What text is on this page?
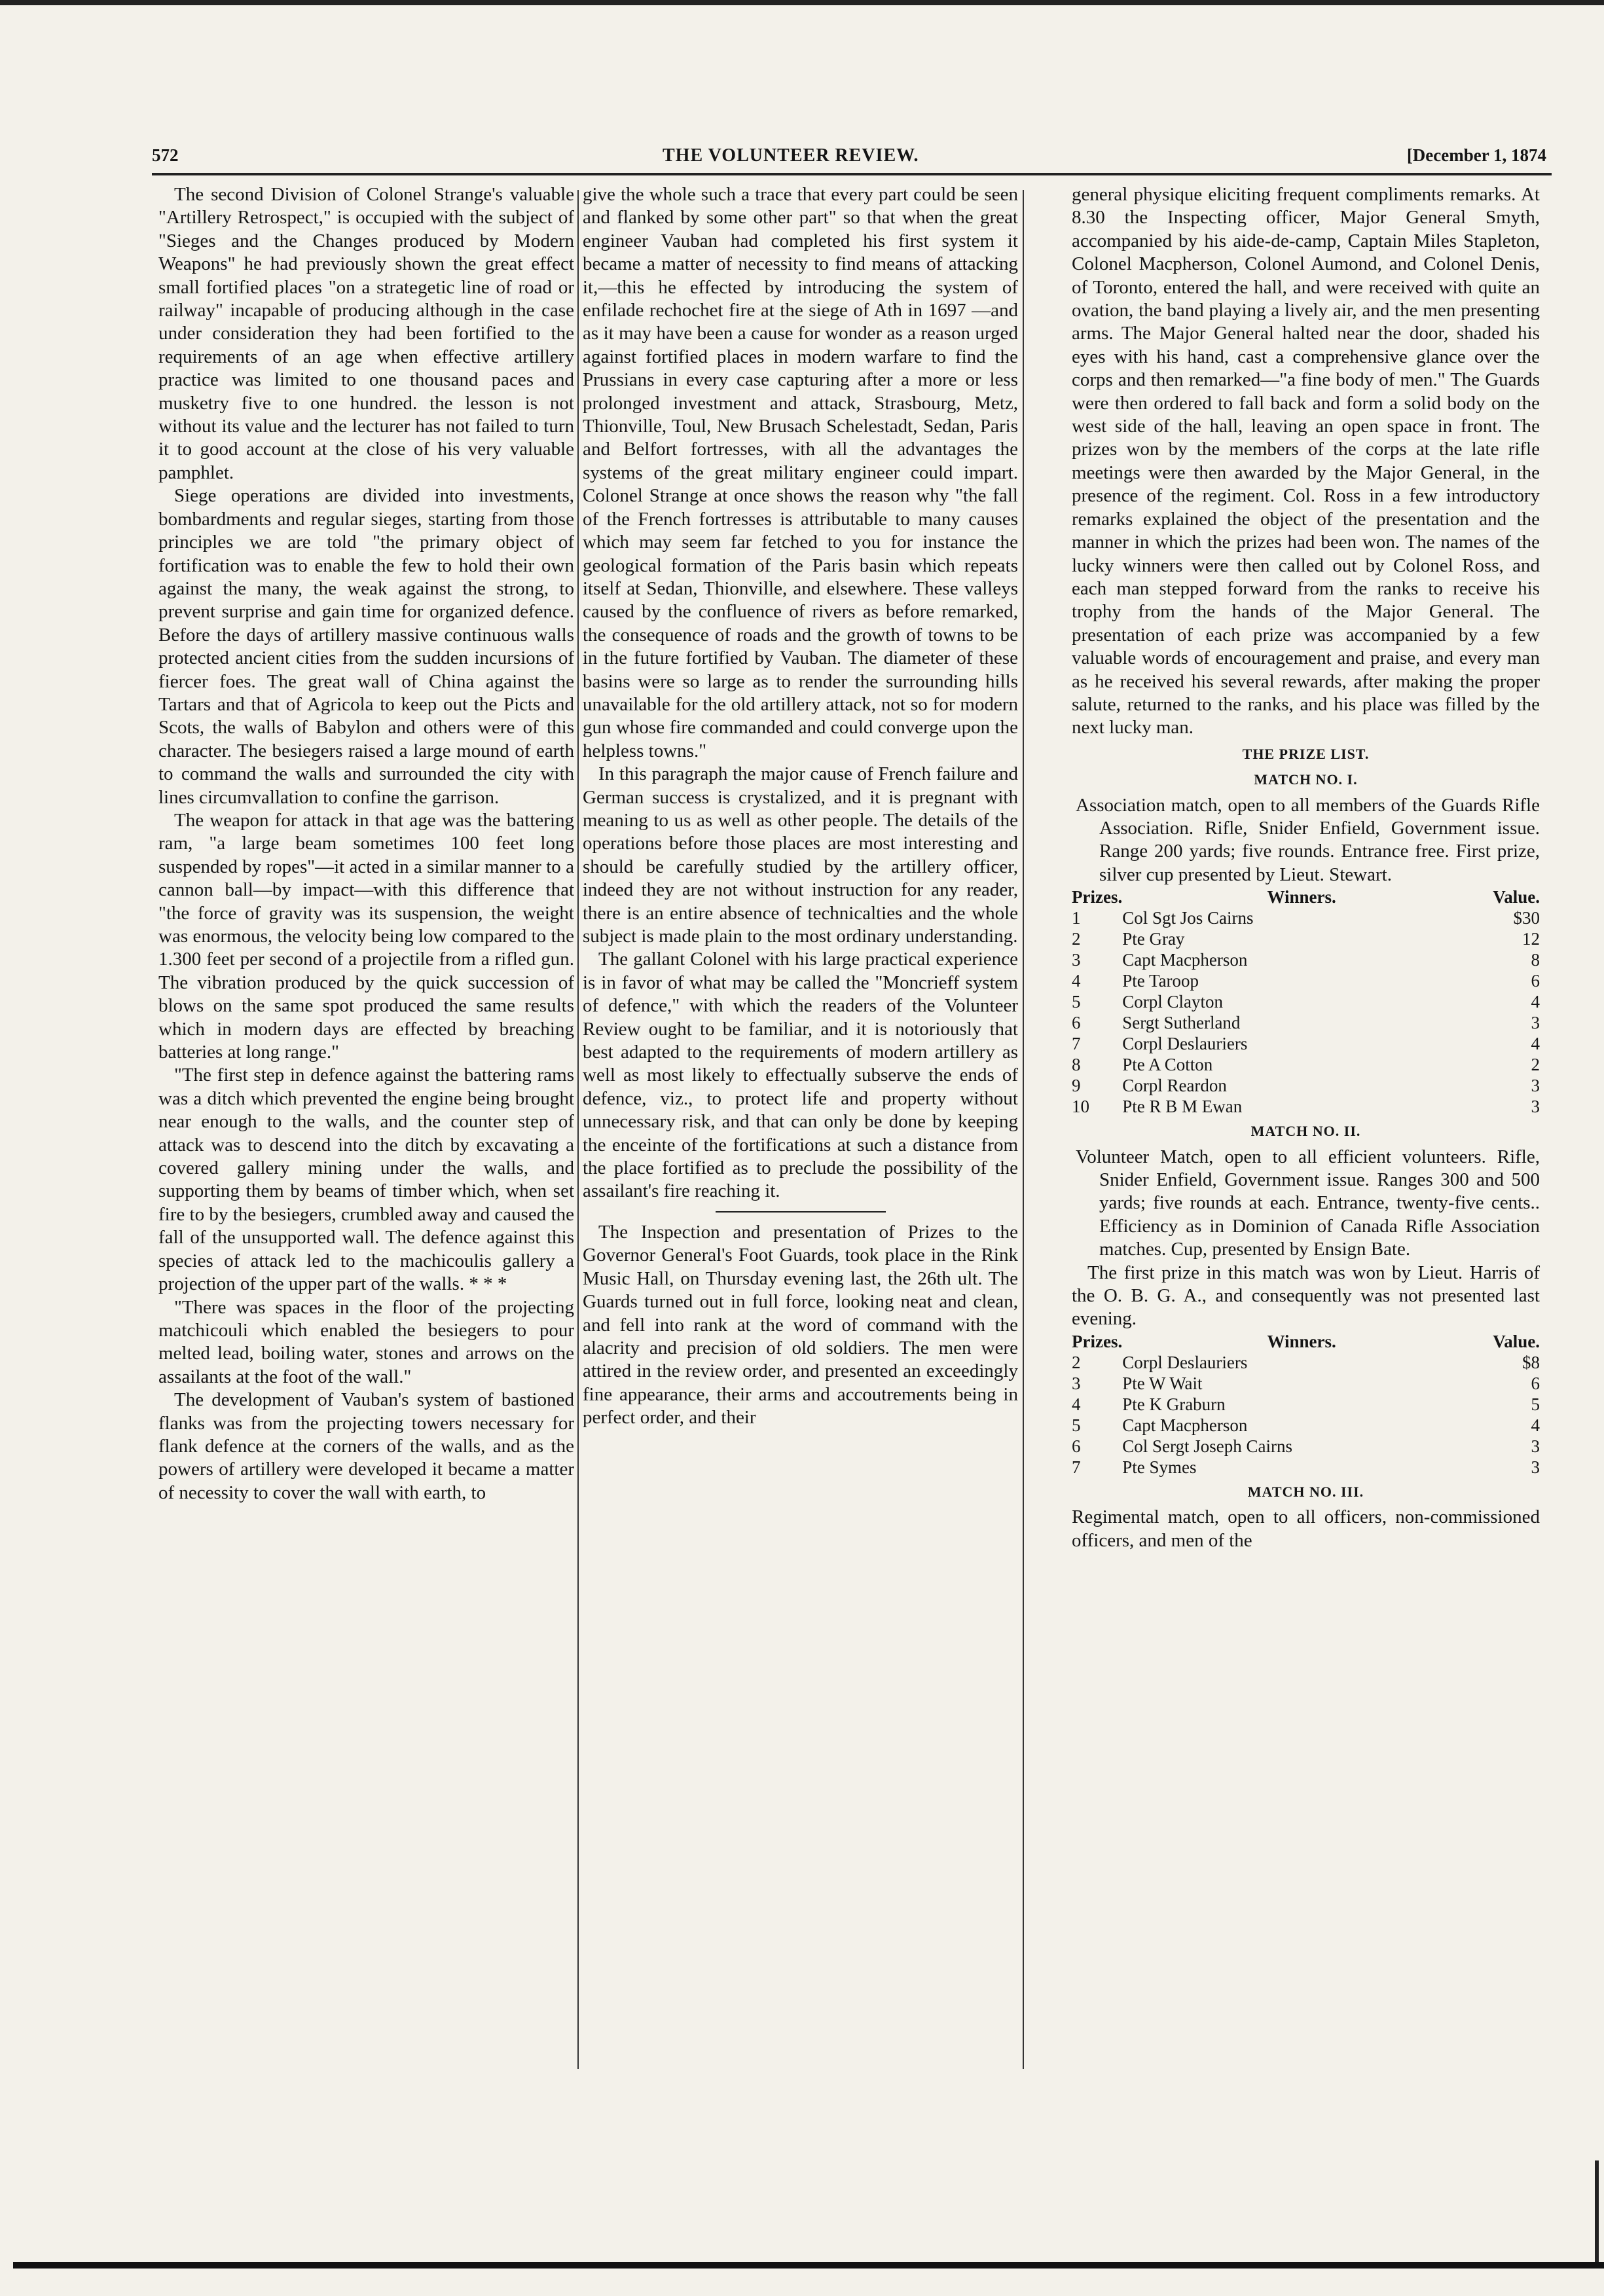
572	THE VOLUNTEER REVIEW.	[December 1, 1874

The second Division of Colonel Strange's valuable "Artillery Retrospect," is occupied with the subject of "Sieges and the Changes produced by Modern Weapons" he had previously shown the great effect small fortified places "on a strategetic line of road or railway" incapable of producing although in the case under consideration they had been fortified to the requirements of an age when effective artillery practice was limited to one thousand paces and musketry five to one hundred. the lesson is not without its value and the lecturer has not failed to turn it to good account at the close of his very valuable pamphlet.

Siege operations are divided into investments, bombardments and regular sieges, starting from those principles we are told "the primary object of fortification was to enable the few to hold their own against the many, the weak against the strong, to prevent surprise and gain time for organized defence. Before the days of artillery massive continuous walls protected ancient cities from the sudden incursions of fiercer foes. The great wall of China against the Tartars and that of Agricola to keep out the Picts and Scots, the walls of Babylon and others were of this character. The besiegers raised a large mound of earth to command the walls and surrounded the city with lines circumvallation to confine the garrison.

The weapon for attack in that age was the battering ram, "a large beam sometimes 100 feet long suspended by ropes"—it acted in a similar manner to a cannon ball—by impact—with this difference that "the force of gravity was its suspension, the weight was enormous, the velocity being low compared to the 1.300 feet per second of a projectile from a rifled gun. The vibration produced by the quick succession of blows on the same spot produced the same results which in modern days are effected by breaching batteries at long range."

"The first step in defence against the battering rams was a ditch which prevented the engine being brought near enough to the walls, and the counter step of attack was to descend into the ditch by excavating a covered gallery mining under the walls, and supporting them by beams of timber which, when set fire to by the besiegers, crumbled away and caused the fall of the unsupported wall. The defence against this species of attack led to the machicoulis gallery a projection of the upper part of the walls. * * *

"There was spaces in the floor of the projecting matchicouli which enabled the besiegers to pour melted lead, boiling water, stones and arrows on the assailants at the foot of the wall."

The development of Vauban's system of bastioned flanks was from the projecting towers necessary for flank defence at the corners of the walls, and as the powers of artillery were developed it became a matter of necessity to cover the wall with earth, to

give the whole such a trace that every part could be seen and flanked by some other part" so that when the great engineer Vauban had completed his first system it became a matter of necessity to find means of attacking it,—this he effected by introducing the system of enfilade rechochet fire at the siege of Ath in 1697 —and as it may have been a cause for wonder as a reason urged against fortified places in modern warfare to find the Prussians in every case capturing after a more or less prolonged investment and attack, Strasbourg, Metz, Thionville, Toul, New Brusach Schelestadt, Sedan, Paris and Belfort fortresses, with all the advantages the systems of the great military engineer could impart. Colonel Strange at once shows the reason why "the fall of the French fortresses is attributable to many causes which may seem far fetched to you for instance the geological formation of the Paris basin which repeats itself at Sedan, Thionville, and elsewhere. These valleys caused by the confluence of rivers as before remarked, the consequence of roads and the growth of towns to be in the future fortified by Vauban. The diameter of these basins were so large as to render the surrounding hills unavailable for the old artillery attack, not so for modern gun whose fire commanded and could converge upon the helpless towns."

In this paragraph the major cause of French failure and German success is crystalized, and it is pregnant with meaning to us as well as other people. The details of the operations before those places are most interesting and should be carefully studied by the artillery officer, indeed they are not without instruction for any reader, there is an entire absence of technicalties and the whole subject is made plain to the most ordinary understanding.

The gallant Colonel with his large practical experience is in favor of what may be called the "Moncrieff system of defence," with which the readers of the Volunteer Review ought to be familiar, and it is notoriously that best adapted to the requirements of modern artillery as well as most likely to effectually subserve the ends of defence, viz., to protect life and property without unnecessary risk, and that can only be done by keeping the enceinte of the fortifications at such a distance from the place fortified as to preclude the possibility of the assailant's fire reaching it.

The Inspection and presentation of Prizes to the Governor General's Foot Guards, took place in the Rink Music Hall, on Thursday evening last, the 26th ult. The Guards turned out in full force, looking neat and clean, and fell into rank at the word of command with the alacrity and precision of old soldiers. The men were attired in the review order, and presented an exceedingly fine appearance, their arms and accoutrements being in perfect order, and their

general physique eliciting frequent compliments remarks. At 8.30 the Inspecting officer, Major General Smyth, accompanied by his aide-de-camp, Captain Miles Stapleton, Colonel Macpherson, Colonel Aumond, and Colonel Denis, of Toronto, entered the hall, and were received with quite an ovation, the band playing a lively air, and the men presenting arms. The Major General halted near the door, shaded his eyes with his hand, cast a comprehensive glance over the corps and then remarked—"a fine body of men." The Guards were then ordered to fall back and form a solid body on the west side of the hall, leaving an open space in front. The prizes won by the members of the corps at the late rifle meetings were then awarded by the Major General, in the presence of the regiment. Col. Ross in a few introductory remarks explained the object of the presentation and the manner in which the prizes had been won. The names of the lucky winners were then called out by Colonel Ross, and each man stepped forward from the ranks to receive his trophy from the hands of the Major General. The presentation of each prize was accompanied by a few valuable words of encouragement and praise, and every man as he received his several rewards, after making the proper salute, returned to the ranks, and his place was filled by the next lucky man.

THE PRIZE LIST.

MATCH NO. I.

Association match, open to all members of the Guards Rifle Association. Rifle, Snider Enfield, Government issue. Range 200 yards; five rounds. Entrance free. First prize, silver cup presented by Lieut. Stewart.

Prizes.	Winners.	Value.
1	Col Sgt Jos Cairns	$30
2	Pte Gray	12
3	Capt Macpherson	8
4	Pte Taroop	6
5	Corpl Clayton	4
6	Sergt Sutherland	3
7	Corpl Deslauriers	4
8	Pte A Cotton	2
9	Corpl Reardon	3
10	Pte R B M Ewan	3

MATCH NO. II.

Volunteer Match, open to all efficient volunteers. Rifle, Snider Enfield, Government issue. Ranges 300 and 500 yards; five rounds at each. Entrance, twenty-five cents.. Efficiency as in Dominion of Canada Rifle Association matches. Cup, presented by Ensign Bate.

The first prize in this match was won by Lieut. Harris of the O. B. G. A., and consequently was not presented last evening.

Prizes.	Winners.	Value.
2	Corpl Deslauriers	$8
3	Pte W Wait	6
4	Pte K Graburn	5
5	Capt Macpherson	4
6	Col Sergt Joseph Cairns	3
7	Pte Symes	3

MATCH NO. III.

Regimental match, open to all officers, non-commissioned officers, and men of the
